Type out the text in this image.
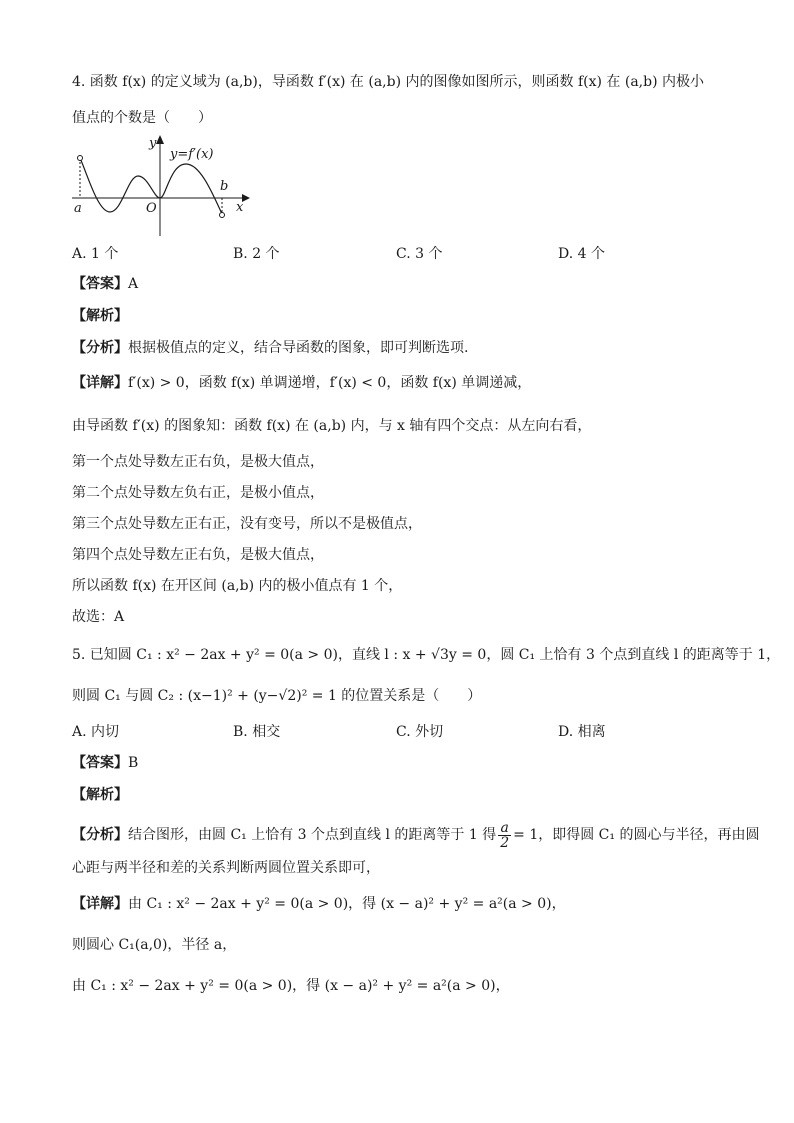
4. 函数 f(x) 的定义域为 (a,b)，导函数 f′(x) 在 (a,b) 内的图像如图所示，则函数 f(x) 在 (a,b) 内极小
值点的个数是（　　）
y=f′(x)
y
x
O
a
b
A. 1 个	B. 2 个	C. 3 个	D. 4 个
【答案】A
【解析】
【分析】根据极值点的定义，结合导函数的图象，即可判断选项.
【详解】f′(x) > 0，函数 f(x) 单调递增，f′(x) < 0，函数 f(x) 单调递减，
由导函数 f′(x) 的图象知：函数 f(x) 在 (a,b) 内，与 x 轴有四个交点：从左向右看，
第一个点处导数左正右负，是极大值点，
第二个点处导数左负右正，是极小值点，
第三个点处导数左正右正，没有变号，所以不是极值点，
第四个点处导数左正右负，是极大值点，
所以函数 f(x) 在开区间 (a,b) 内的极小值点有 1 个，
故选：A
5. 已知圆 C₁ : x² − 2ax + y² = 0(a > 0)，直线 l : x + √3y = 0，圆 C₁ 上恰有 3 个点到直线 l 的距离等于 1，
则圆 C₁ 与圆 C₂ : (x−1)² + (y−√2)² = 1 的位置关系是（　　）
A. 内切	B. 相交	C. 外切	D. 相离
【答案】B
【解析】
【分析】结合图形，由圆 C₁ 上恰有 3 个点到直线 l 的距离等于 1 得 $\frac{a}{2} = 1$，即得圆 C₁ 的圆心与半径，再由圆
心距与两半径和差的关系判断两圆位置关系即可，
【详解】由 C₁ : x² − 2ax + y² = 0(a > 0)，得 (x − a)² + y² = a²(a > 0)，
则圆心 C₁(a,0)，半径 a，
由 C₁ : x² − 2ax + y² = 0(a > 0)，得 (x − a)² + y² = a²(a > 0)，
